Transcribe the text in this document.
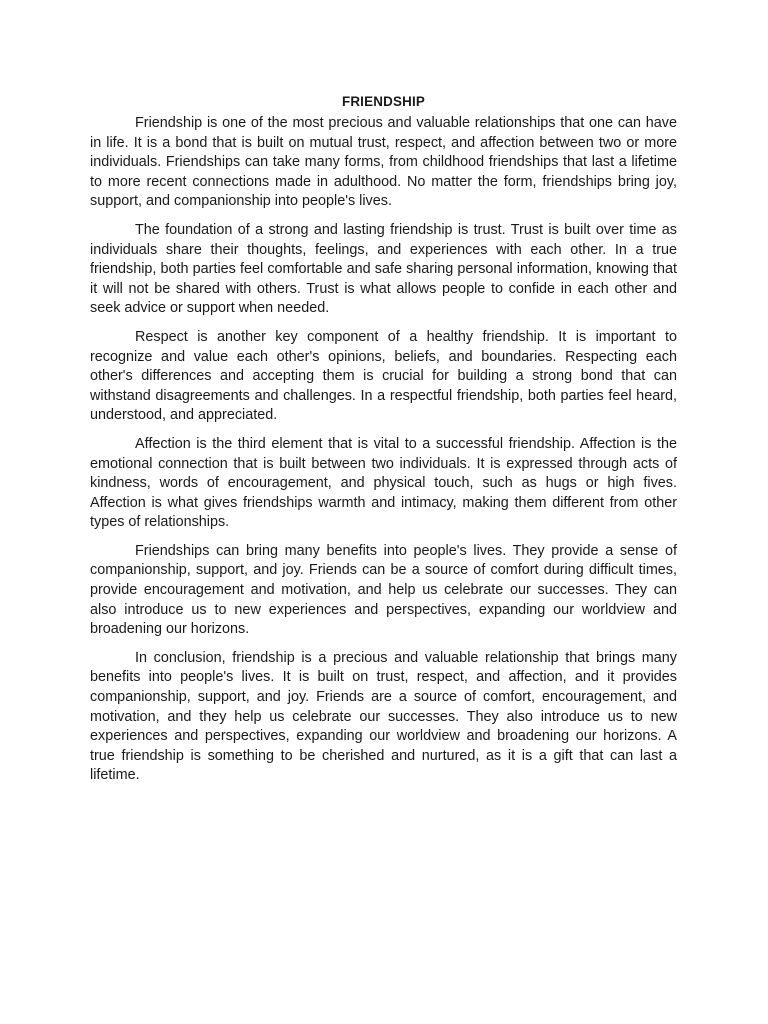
FRIENDSHIP

Friendship is one of the most precious and valuable relationships that one can have in life. It is a bond that is built on mutual trust, respect, and affection between two or more individuals. Friendships can take many forms, from childhood friendships that last a lifetime to more recent connections made in adulthood. No matter the form, friendships bring joy, support, and companionship into people's lives.

The foundation of a strong and lasting friendship is trust. Trust is built over time as individuals share their thoughts, feelings, and experiences with each other. In a true friendship, both parties feel comfortable and safe sharing personal information, knowing that it will not be shared with others. Trust is what allows people to confide in each other and seek advice or support when needed.

Respect is another key component of a healthy friendship. It is important to recognize and value each other's opinions, beliefs, and boundaries. Respecting each other's differences and accepting them is crucial for building a strong bond that can withstand disagreements and challenges. In a respectful friendship, both parties feel heard, understood, and appreciated.

Affection is the third element that is vital to a successful friendship. Affection is the emotional connection that is built between two individuals. It is expressed through acts of kindness, words of encouragement, and physical touch, such as hugs or high fives. Affection is what gives friendships warmth and intimacy, making them different from other types of relationships.

Friendships can bring many benefits into people's lives. They provide a sense of companionship, support, and joy. Friends can be a source of comfort during difficult times, provide encouragement and motivation, and help us celebrate our successes. They can also introduce us to new experiences and perspectives, expanding our worldview and broadening our horizons.

In conclusion, friendship is a precious and valuable relationship that brings many benefits into people's lives. It is built on trust, respect, and affection, and it provides companionship, support, and joy. Friends are a source of comfort, encouragement, and motivation, and they help us celebrate our successes. They also introduce us to new experiences and perspectives, expanding our worldview and broadening our horizons. A true friendship is something to be cherished and nurtured, as it is a gift that can last a lifetime.
